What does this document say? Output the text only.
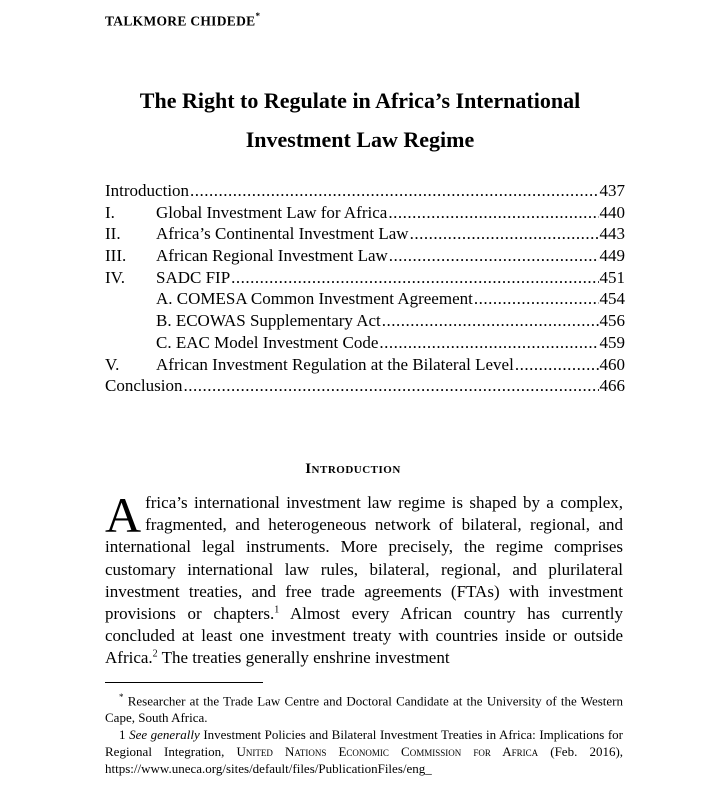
TALKMORE CHIDEDE*
The Right to Regulate in Africa’s International
Investment Law Regime
Introduction .....	437
I. Global Investment Law for Africa .....	440
II. Africa’s Continental Investment Law .....	443
III. African Regional Investment Law .....	449
IV. SADC FIP .....	451
A. COMESA Common Investment Agreement .....	454
B. ECOWAS Supplementary Act .....	456
C. EAC Model Investment Code .....	459
V. African Investment Regulation at the Bilateral Level .....	460
Conclusion .....	466
Introduction
Africa’s international investment law regime is shaped by a complex, fragmented, and heterogeneous network of bilateral, regional, and international legal instruments. More precisely, the regime comprises customary international law rules, bilateral, regional, and plurilateral investment treaties, and free trade agreements (FTAs) with investment provisions or chapters.$^1$ Almost every African country has currently concluded at least one investment treaty with countries inside or outside Africa.$^2$ The treaties generally enshrine investment

* Researcher at the Trade Law Centre and Doctoral Candidate at the University of the Western Cape, South Africa.

1 See generally Investment Policies and Bilateral Investment Treaties in Africa: Implications for Regional Integration, United Nations Economic Commission for Africa (Feb. 2016), https://www.uneca.org/sites/default/files/PublicationFiles/eng_
